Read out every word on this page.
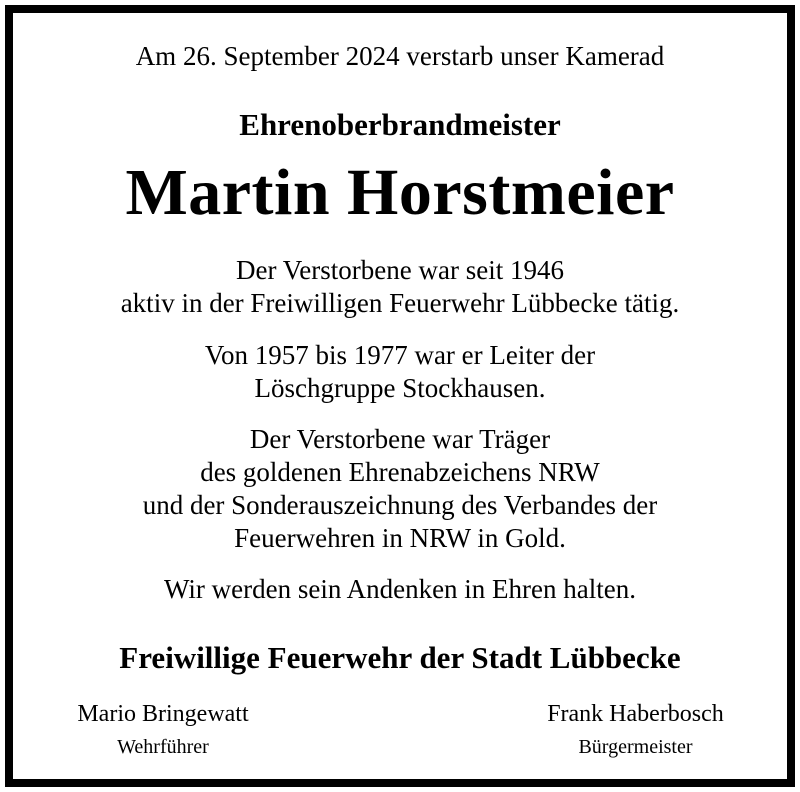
Am 26. September 2024 verstarb unser Kamerad
Ehrenoberbrandmeister
Martin Horstmeier
Der Verstorbene war seit 1946
aktiv in der Freiwilligen Feuerwehr Lübbecke tätig.
Von 1957 bis 1977 war er Leiter der
Löschgruppe Stockhausen.
Der Verstorbene war Träger
des goldenen Ehrenabzeichens NRW
und der Sonderauszeichnung des Verbandes der
Feuerwehren in NRW in Gold.
Wir werden sein Andenken in Ehren halten.
Freiwillige Feuerwehr der Stadt Lübbecke
Mario Bringewatt
Wehrführer
Frank Haberbosch
Bürgermeister
